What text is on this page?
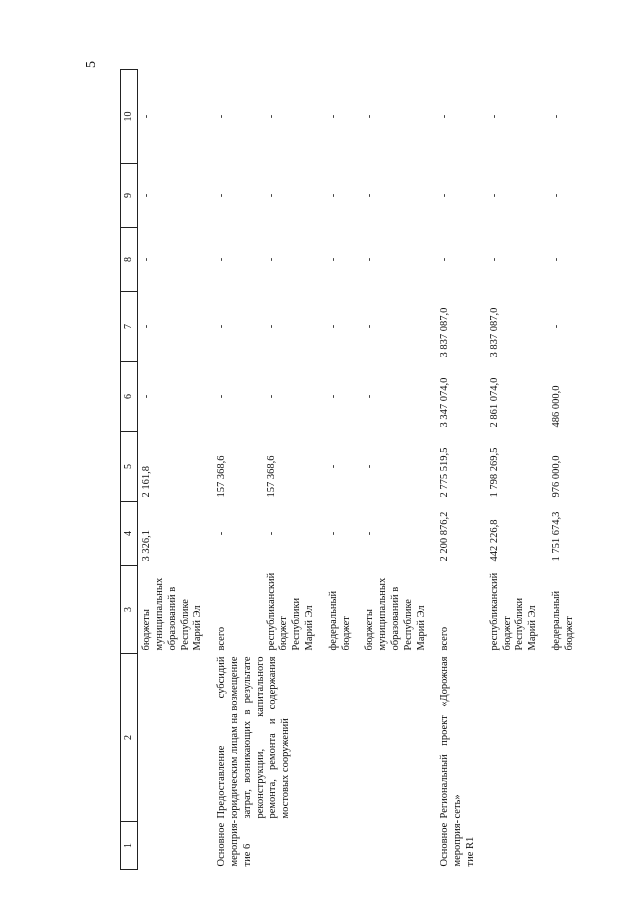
5
1	2	3	4	5	6	7	8	9	10
		бюджеты муниципальных образований в Республике Марий Эл	3 326,1	2 161,8	-	-	-	-	-
Основное мероприя-тие 6	Предоставление субсидий юридическим лицам на возмещение затрат, возникающих в результате реконструкции, капитального ремонта, ремонта и содержания мостовых сооружений	всего	-	157 368,6	-	-	-	-	-
		республиканский бюджет Республики Марий Эл	-	157 368,6	-	-	-	-	-
		федеральный бюджет	-	-	-	-	-	-	-
		бюджеты муниципальных образований в Республике Марий Эл	-	-	-	-	-	-	-
Основное мероприя-тие R1	Региональный проект «Дорожная сеть»	всего	2 200 876,2	2 775 519,5	3 347 074,0	3 837 087,0	-	-	-
		республиканский бюджет Республики Марий Эл	442 226,8	1 798 269,5	2 861 074,0	3 837 087,0	-	-	-
		федеральный бюджет	1 751 674,3	976 000,0	486 000,0	-	-	-	-
